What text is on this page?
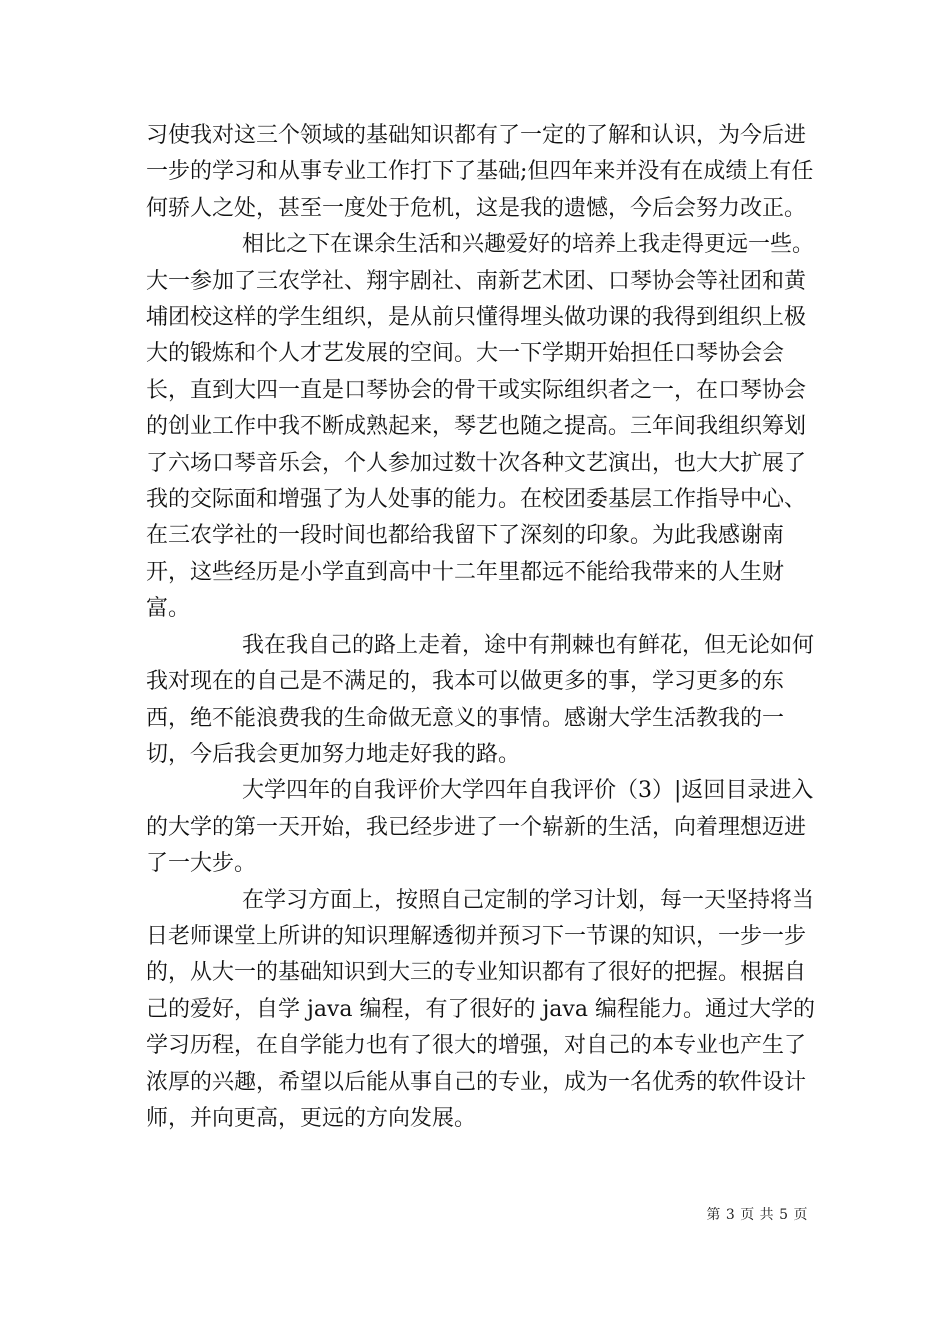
习使我对这三个领域的基础知识都有了一定的了解和认识，为今后进一步的学习和从事专业工作打下了基础;但四年来并没有在成绩上有任何骄人之处，甚至一度处于危机，这是我的遗憾，今后会努力改正。

相比之下在课余生活和兴趣爱好的培养上我走得更远一些。大一参加了三农学社、翔宇剧社、南新艺术团、口琴协会等社团和黄埔团校这样的学生组织，是从前只懂得埋头做功课的我得到组织上极大的锻炼和个人才艺发展的空间。大一下学期开始担任口琴协会会长，直到大四一直是口琴协会的骨干或实际组织者之一，在口琴协会的创业工作中我不断成熟起来，琴艺也随之提高。三年间我组织筹划了六场口琴音乐会，个人参加过数十次各种文艺演出，也大大扩展了我的交际面和增强了为人处事的能力。在校团委基层工作指导中心、在三农学社的一段时间也都给我留下了深刻的印象。为此我感谢南开，这些经历是小学直到高中十二年里都远不能给我带来的人生财富。

我在我自己的路上走着，途中有荆棘也有鲜花，但无论如何我对现在的自己是不满足的，我本可以做更多的事，学习更多的东西，绝不能浪费我的生命做无意义的事情。感谢大学生活教我的一切，今后我会更加努力地走好我的路。

大学四年的自我评价大学四年自我评价（3）|返回目录进入的大学的第一天开始，我已经步进了一个崭新的生活，向着理想迈进了一大步。

在学习方面上，按照自己定制的学习计划，每一天坚持将当日老师课堂上所讲的知识理解透彻并预习下一节课的知识，一步一步的，从大一的基础知识到大三的专业知识都有了很好的把握。根据自己的爱好，自学 java 编程，有了很好的 java 编程能力。通过大学的学习历程，在自学能力也有了很大的增强，对自己的本专业也产生了浓厚的兴趣，希望以后能从事自己的专业，成为一名优秀的软件设计师，并向更高，更远的方向发展。

第 3 页 共 5 页
